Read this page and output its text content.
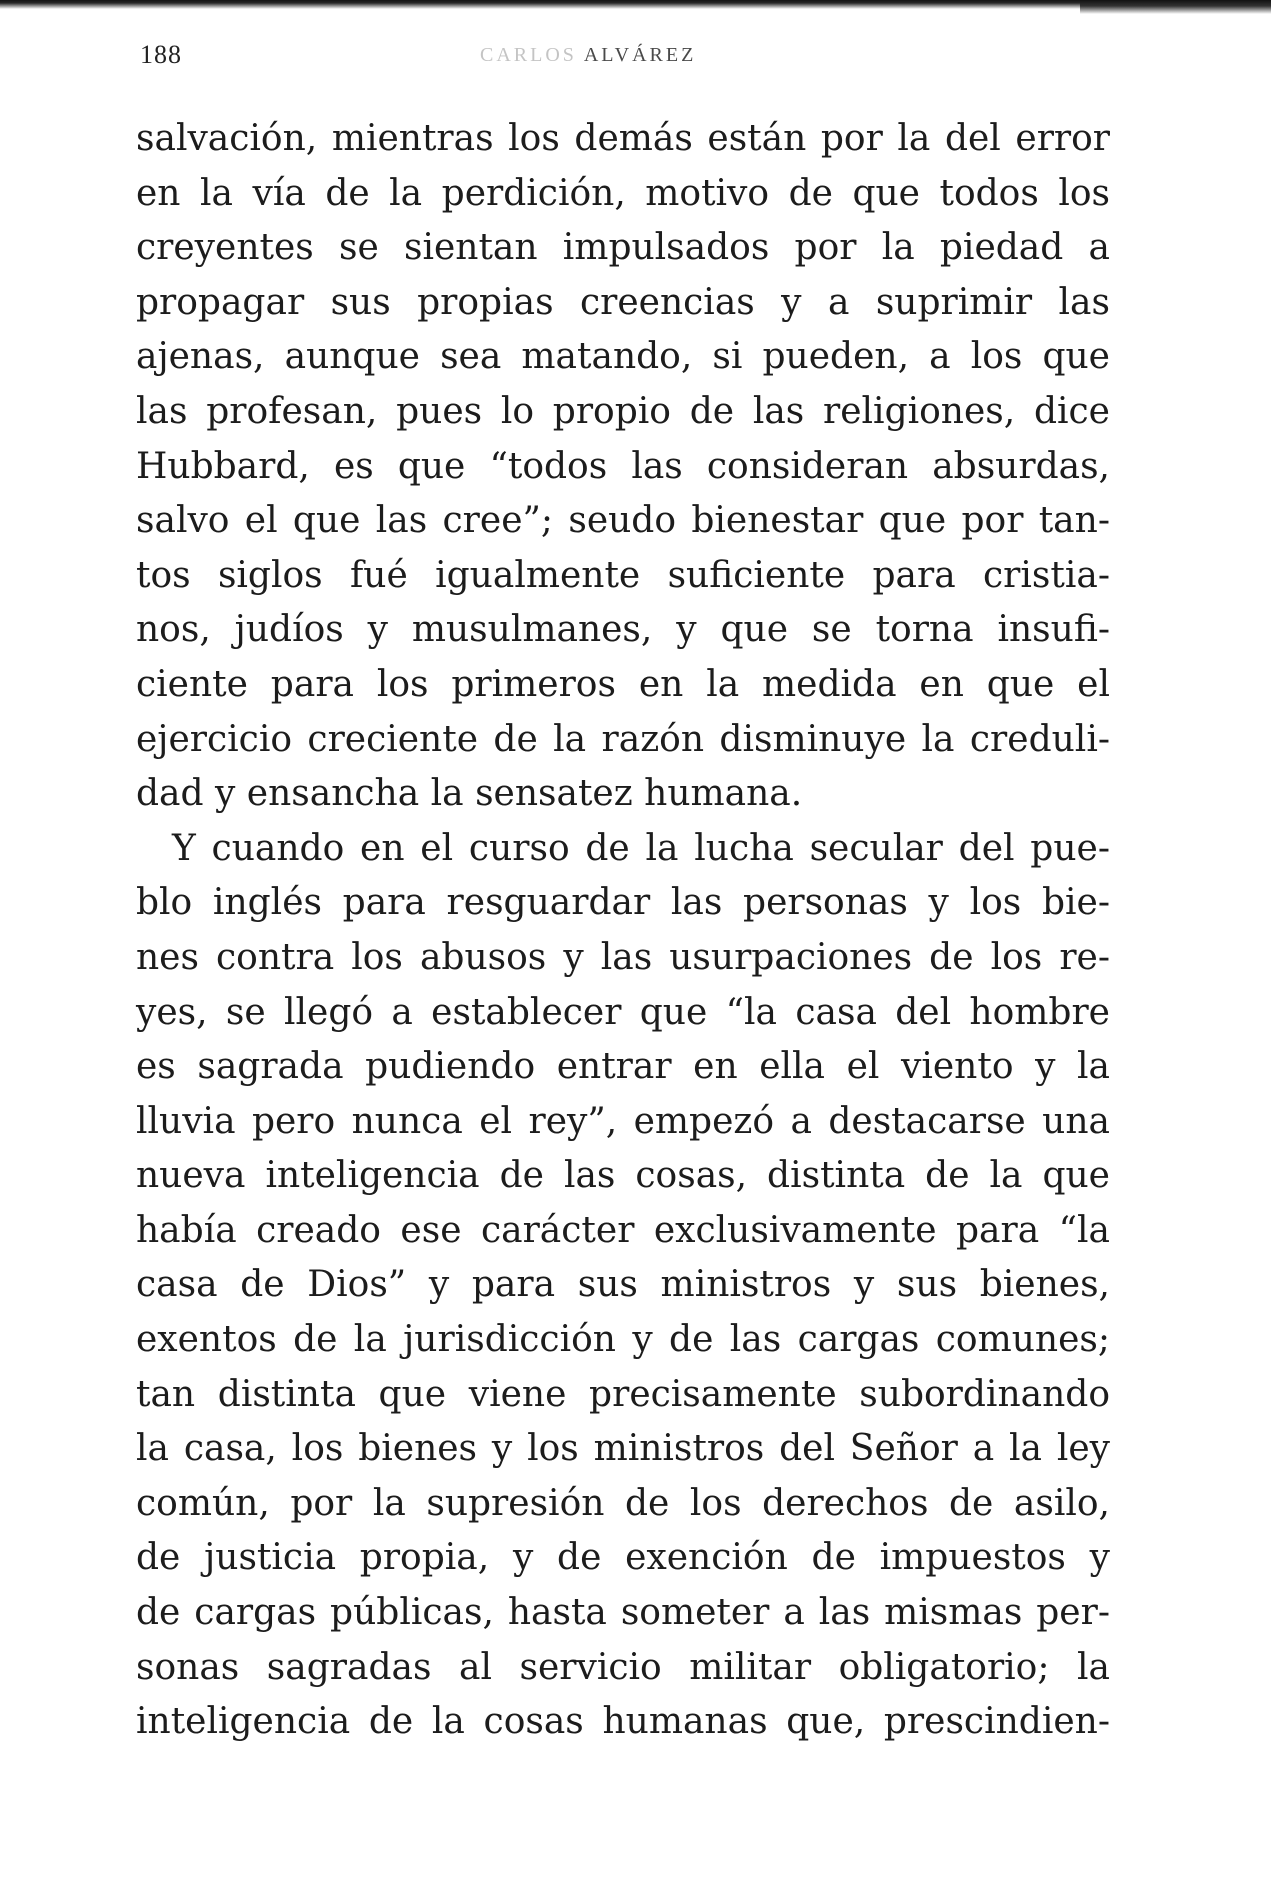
188	CARLOS ALVÁREZ
salvación, mientras los demás están por la del error
en la vía de la perdición, motivo de que todos los
creyentes se sientan impulsados por la piedad a
propagar sus propias creencias y a suprimir las
ajenas, aunque sea matando, si pueden, a los que
las profesan, pues lo propio de las religiones, dice
Hubbard, es que “todos las consideran absurdas,
salvo el que las cree”; seudo bienestar que por tan-
tos siglos fué igualmente suficiente para cristia-
nos, judíos y musulmanes, y que se torna insufi-
ciente para los primeros en la medida en que el
ejercicio creciente de la razón disminuye la creduli-
dad y ensancha la sensatez humana.
Y cuando en el curso de la lucha secular del pue-
blo inglés para resguardar las personas y los bie-
nes contra los abusos y las usurpaciones de los re-
yes, se llegó a establecer que “la casa del hombre
es sagrada pudiendo entrar en ella el viento y la
lluvia pero nunca el rey”, empezó a destacarse una
nueva inteligencia de las cosas, distinta de la que
había creado ese carácter exclusivamente para “la
casa de Dios” y para sus ministros y sus bienes,
exentos de la jurisdicción y de las cargas comunes;
tan distinta que viene precisamente subordinando
la casa, los bienes y los ministros del Señor a la ley
común, por la supresión de los derechos de asilo,
de justicia propia, y de exención de impuestos y
de cargas públicas, hasta someter a las mismas per-
sonas sagradas al servicio militar obligatorio; la
inteligencia de la cosas humanas que, prescindien-
